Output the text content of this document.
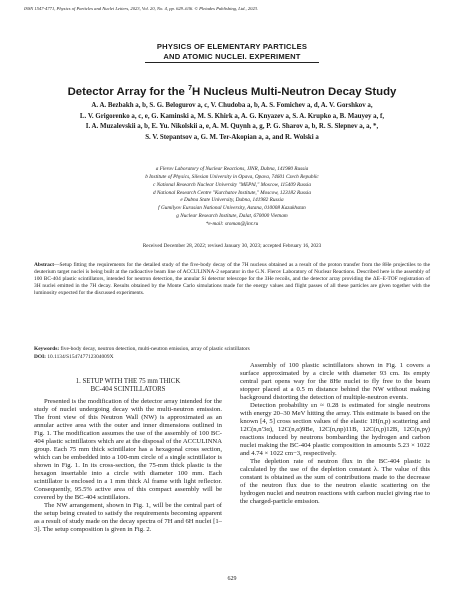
ISSN 1547-4771, Physics of Particles and Nuclei Letters, 2023, Vol. 20, No. 4, pp. 629–636. © Pleiades Publishing, Ltd., 2023.
PHYSICS OF ELEMENTARY PARTICLES
AND ATOMIC NUCLEI. EXPERIMENT
Detector Array for the $^7$H Nucleus Multi-Neutron Decay Study
A. A. Bezbakh a, b, S. G. Belogurov a, c, V. Chudoba a, b, A. S. Fomichev a, d, A. V. Gorshkov a,
L. V. Grigorenko a, c, e, G. Kaminski a, M. S. Khirk a, A. G. Knyazev a, S. A. Krupko a, B. Mauyey a, f,
I. A. Muzalevskii a, b, E. Yu. Nikolskii a, e, A. M. Quynh a, g, P. G. Sharov a, b, R. S. Slepnev a, a, *,
S. V. Stepantsov a, G. M. Ter-Akopian a, a, and R. Wolski a
a Flerov Laboratory of Nuclear Reactions, JINR, Dubna, 141980 Russia
b Institute of Physics, Silesian University in Opava, Opava, 74601 Czech Republic
c National Research Nuclear University "MEPhI," Moscow, 115409 Russia
d National Research Centre "Kurchatov Institute," Moscow, 123182 Russia
e Dubna State University, Dubna, 141982 Russia
f Gumilyov Eurasian National University, Astana, 010008 Kazakhstan
g Nuclear Research Institute, Dalat, 670000 Vietnam
*e-mail: sroman@jinr.ru
Received December 28, 2022; revised January 30, 2023; accepted February 16, 2023
Abstract—Setup fitting the requirements for the detailed study of the five-body decay of the 7H nucleus obtained as a result of the proton transfer from the 8He projectiles to the deuterium target nuclei is being built at the radioactive beam line of ACCULINNA-2 separator in the G.N. Flerov Laboratory of Nuclear Reactions. Described here is the assembly of 100 BC-404 plastic scintillators, intended for neutron detection, the annular Si detector telescope for the 3He recoils, and the detector array providing the ΔE–E-TOF registration of 3H nuclei emitted in the 7H decay. Results obtained by the Monte Carlo simulations made for the energy values and flight passes of all these particles are given together with the luminosity expected for the discussed experiments.
Keywords: five-body decay, neutron detection, multi-neutron emission, array of plastic scintillators
DOI: 10.1134/S154747712304009X
1. SETUP WITH THE 75 mm THICK
BC-404 SCINTILLATORS

Presented is the modification of the detector array intended for the study of nuclei undergoing decay with the multi-neutron emission. The front view of this Neutron Wall (NW) is approximated as an annular active area with the outer and inner dimensions outlined in Fig. 1. The modification assumes the use of the assembly of 100 BC-404 plastic scintillators which are at the disposal of the ACCULINNA group. Each 75 mm thick scintillator has a hexagonal cross section, which can be embedded into a 100-mm circle of a single scintillator is shown in Fig. 1. In its cross-section, the 75-mm thick plastic is the hexagon insertable into a circle with diameter 100 mm. Each scintillator is enclosed in a 1 mm thick Al frame with light reflector. Consequently, 95.5% active area of this compact assembly will be covered by the BC-404 scintillators.

The NW arrangement, shown in Fig. 1, will be the central part of the setup being created to satisfy the requirements becoming apparent as a result of study made on the decay spectra of 7H and 6H nuclei [1–3]. The setup composition is given in Fig. 2.

Assembly of 100 plastic scintillators shown in Fig. 1 covers a surface approximated by a circle with diameter 93 cm. Its empty central part opens way for the 8He nuclei to fly free to the beam stopper placed at a 0.5 m distance behind the NW without making background distorting the detection of multiple-neutron events.

Detection probability εn ≈ 0.28 is estimated for single neutrons with energy 20–30 MeV hitting the array. This estimate is based on the known [4, 5] cross section values of the elastic 1H(n,p) scattering and 12C(n,n′3α), 12C(n,α)9Be, 12C(n,np)11B, 12C(n,p)12B, 12C(n,pγ) reactions induced by neutrons bombarding the hydrogen and carbon nuclei making the BC-404 plastic composition in amounts 5.23 × 1022 and 4.74 × 1022 cm−3, respectively.

The depletion rate of neutron flux in the BC-404 plastic is calculated by the use of the depletion constant λ. The value of this constant is obtained as the sum of contributions made to the decrease of the neutron flux due to the neutron elastic scattering on the hydrogen nuclei and neutron reactions with carbon nuclei giving rise to the charged-particle emission.

629
